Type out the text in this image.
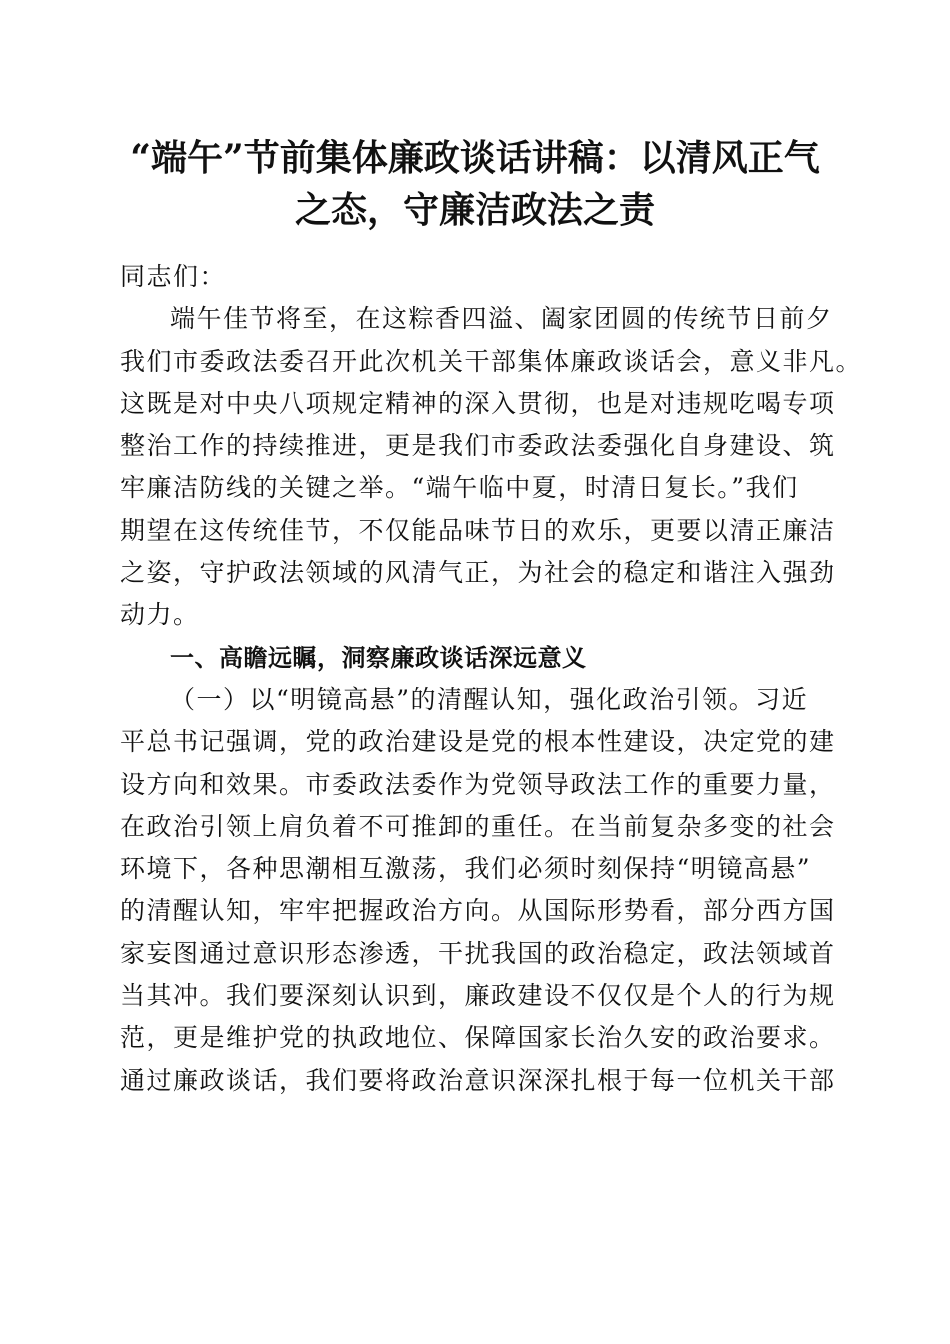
“端午”节前集体廉政谈话讲稿：以清风正气
之态，守廉洁政法之责
同志们：
端午佳节将至，在这粽香四溢、阖家团圆的传统节日前夕
我们市委政法委召开此次机关干部集体廉政谈话会，意义非凡。
这既是对中央八项规定精神的深入贯彻，也是对违规吃喝专项
整治工作的持续推进，更是我们市委政法委强化自身建设、筑
牢廉洁防线的关键之举。“端午临中夏，时清日复长。”我们
期望在这传统佳节，不仅能品味节日的欢乐，更要以清正廉洁
之姿，守护政法领域的风清气正，为社会的稳定和谐注入强劲
动力。
一、高瞻远瞩，洞察廉政谈话深远意义
（一）以“明镜高悬”的清醒认知，强化政治引领。习近
平总书记强调，党的政治建设是党的根本性建设，决定党的建
设方向和效果。市委政法委作为党领导政法工作的重要力量，
在政治引领上肩负着不可推卸的重任。在当前复杂多变的社会
环境下，各种思潮相互激荡，我们必须时刻保持“明镜高悬”
的清醒认知，牢牢把握政治方向。从国际形势看，部分西方国
家妄图通过意识形态渗透，干扰我国的政治稳定，政法领域首
当其冲。我们要深刻认识到，廉政建设不仅仅是个人的行为规
范，更是维护党的执政地位、保障国家长治久安的政治要求。
通过廉政谈话，我们要将政治意识深深扎根于每一位机关干部
